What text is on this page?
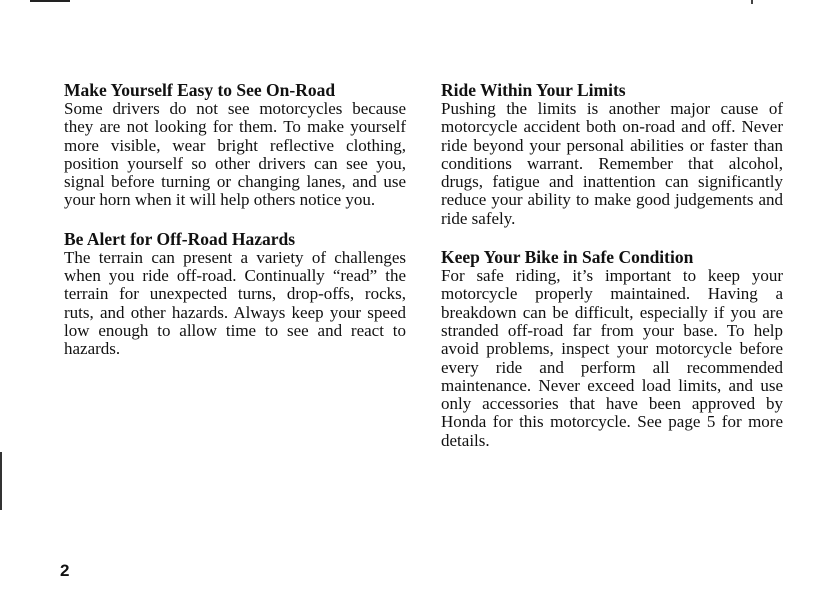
Make Yourself Easy to See On-Road

Some drivers do not see motorcycles because they are not looking for them. To make yourself more visible, wear bright reflective clothing, position yourself so other drivers can see you, signal before turning or changing lanes, and use your horn when it will help others notice you.

Be Alert for Off-Road Hazards

The terrain can present a variety of challenges when you ride off-road. Continually “read” the terrain for unexpected turns, drop-offs, rocks, ruts, and other hazards. Always keep your speed low enough to allow time to see and react to hazards.

Ride Within Your Limits

Pushing the limits is another major cause of motorcycle accident both on-road and off. Never ride beyond your personal abilities or faster than conditions warrant. Remember that alcohol, drugs, fatigue and inattention can significantly reduce your ability to make good judgements and ride safely.

Keep Your Bike in Safe Condition

For safe riding, it’s important to keep your motorcycle properly maintained. Having a breakdown can be difficult, especially if you are stranded off-road far from your base. To help avoid problems, inspect your motorcycle before every ride and perform all recommended maintenance. Never exceed load limits, and use only accessories that have been approved by Honda for this motorcycle. See page 5 for more details.

2
